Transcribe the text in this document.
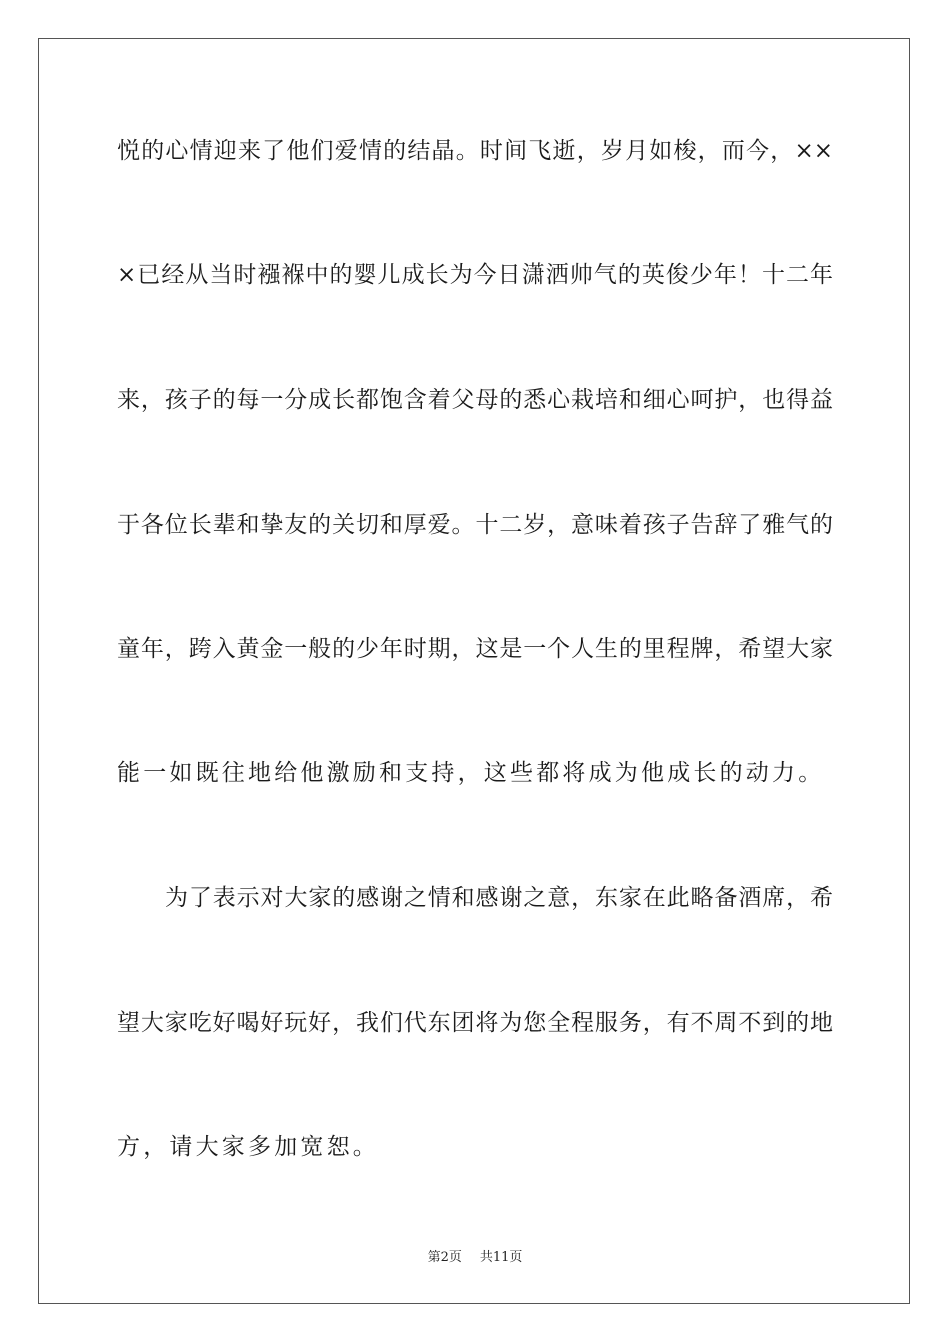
悦的心情迎来了他们爱情的结晶。时间飞逝，岁月如梭，而今，××
×已经从当时襁褓中的婴儿成长为今日潇洒帅气的英俊少年！十二年
来，孩子的每一分成长都饱含着父母的悉心栽培和细心呵护，也得益
于各位长辈和挚友的关切和厚爱。十二岁，意味着孩子告辞了雅气的
童年，跨入黄金一般的少年时期，这是一个人生的里程牌，希望大家
能一如既往地给他激励和支持，这些都将成为他成长的动力。
为了表示对大家的感谢之情和感谢之意，东家在此略备酒席，希
望大家吃好喝好玩好，我们代东团将为您全程服务，有不周不到的地
方，请大家多加宽恕。
第2页 共11页
